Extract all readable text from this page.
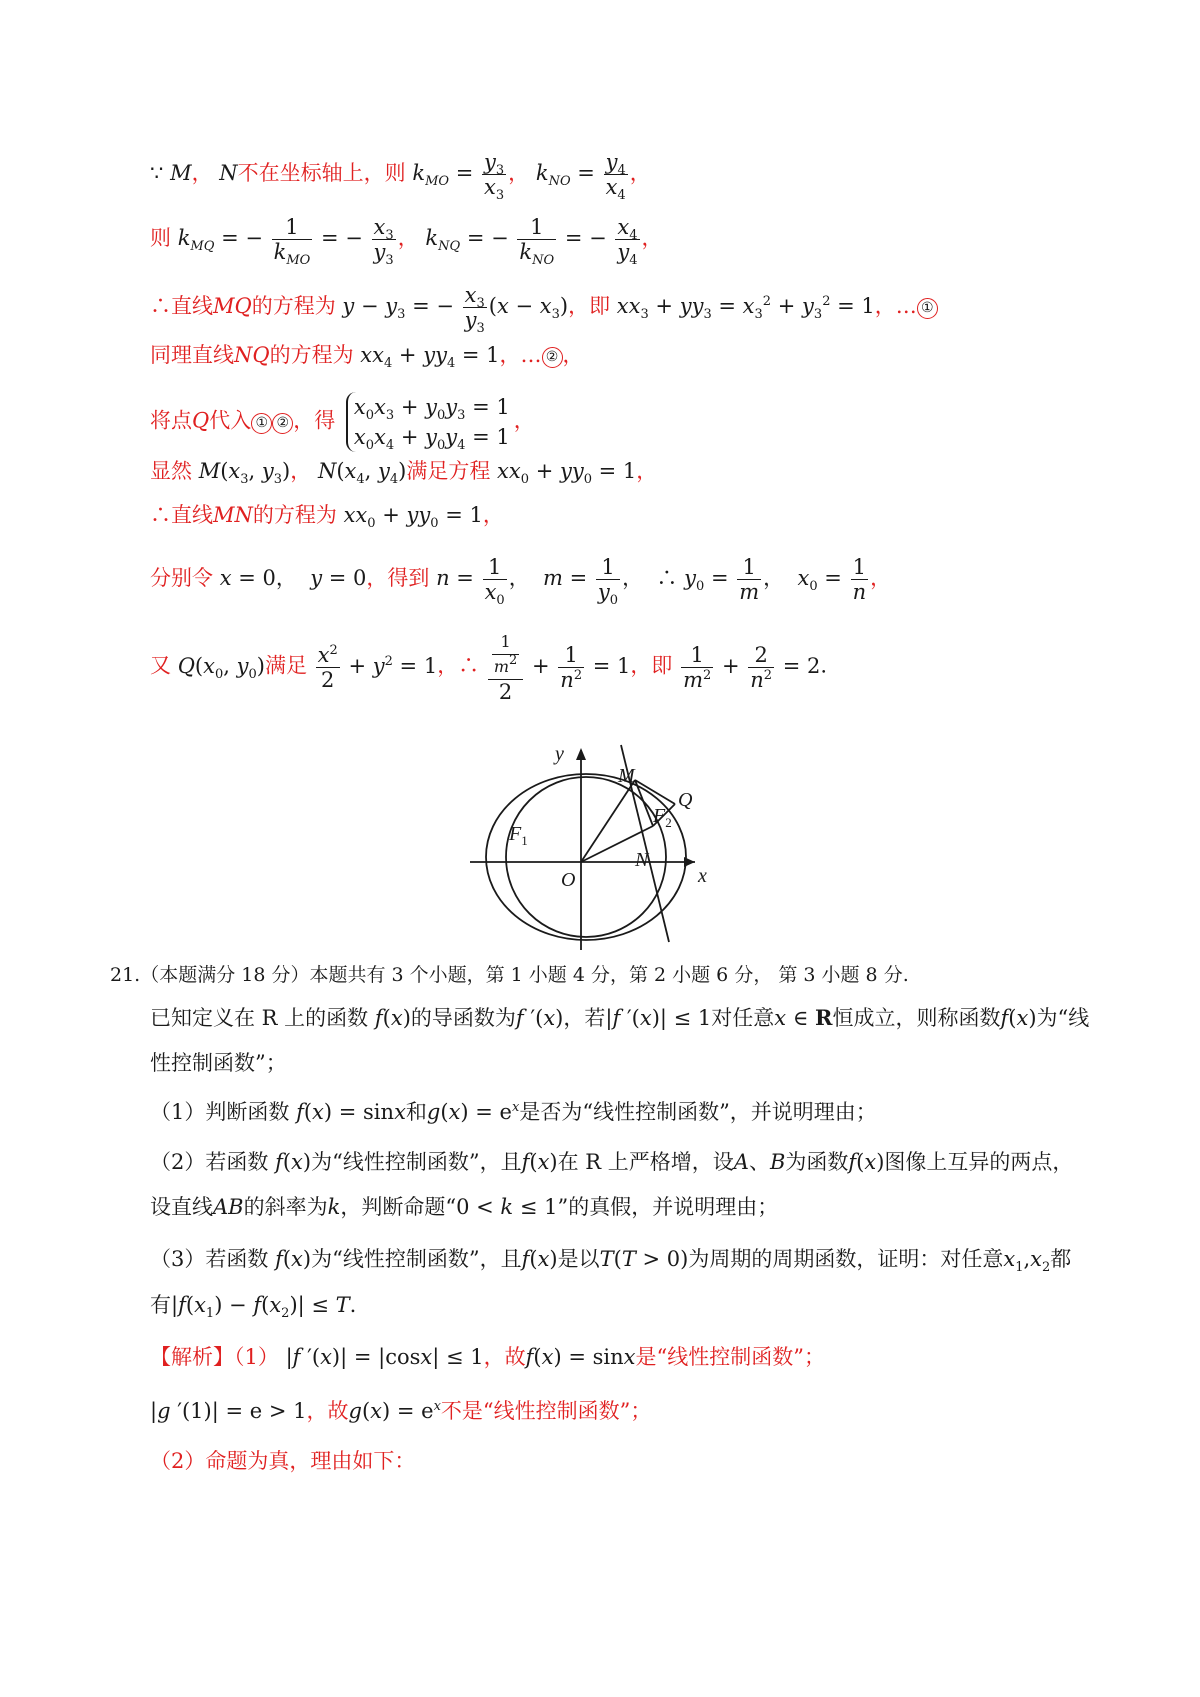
∵ M， N不在坐标轴上，则 $k_{MO} = \frac{y_3}{x_3}$ ， $k_{NO} = \frac{y_4}{x_4}$ ，
则 $k_{MQ}$ = − $\frac{1}{k_{MO}}$ = − $\frac{x_3}{y_3}$ ， $k_{NQ}$ = − $\frac{1}{k_{NO}}$ = − $\frac{x_4}{y_4}$ ，
∴直线MQ的方程为 $y - y_3$ = − $\frac{x_3}{y_3} (x - x_3)$，即 $xx_3 + yy_3 = x_3^2 + y_3^2 = 1$，… ①
同理直线NQ的方程为 $xx_4 + yy_4 = 1$，… ② ，
将点Q代入 ① ② ，得
$x_0x_3 + y_0y_3 = 1$
$x_0x_4 + y_0y_4 = 1$
，
显然 $M(x_3$, $y_3$)， $N(x_4$, $y_4$)满足方程 $xx_0 + yy_0 = 1$，
∴直线MN的方程为 $xx_0 + yy_0 = 1$，
分别令 x = 0，  y = 0，得到 $n = \frac{1}{x_0}$ ，  $m = \frac{1}{y_0}$ ，  ∴ $y_0 = \frac{1}{m}$ ，  $x_0 = \frac{1}{n}$ ，
又 $Q(x_0$, $y_0$)满足 $\frac{x^2}{2} + y^2 = 1$，∴ $\frac{\frac{1}{m^2}}{2} + \frac{1}{n^2} = 1$，即 $\frac{1}{m^2} + \frac{2}{n^2} = 2$.
y
x
M
Q
$F_1$
$F_2$
O
N
21.（本题满分 18 分）本题共有 3 个小题，第 1 小题 4 分，第 2 小题 6 分， 第 3 小题 8 分.
已知定义在 R 上的函数 f(x)的导函数为f ′(x)，若|f ′(x)| ≤ 1对任意x ∈ R恒成立，则称函数f(x)为“线
性控制函数”；
（1）判断函数 f(x) = sinx和$g(x) = e^x$是否为“线性控制函数”，并说明理由；
（2）若函数 f(x)为“线性控制函数”，且f(x)在 R 上严格增，设A、B为函数f(x)图像上互异的两点，
设直线AB的斜率为k，判断命题“0 < k ≤ 1”的真假，并说明理由；
（3）若函数 f(x)为“线性控制函数”，且f(x)是以T(T > 0)为周期的周期函数，证明：对任意$x_1,x_2$都
有$|f(x_1) - f(x_2)| \le T$.
【解析】（1） |f ′(x)| = |cosx| ≤ 1，故f(x) = sinx是“线性控制函数”；
|g ′(1)| = e > 1，故$g(x) = e^x$不是“线性控制函数”；
（2）命题为真，理由如下：
